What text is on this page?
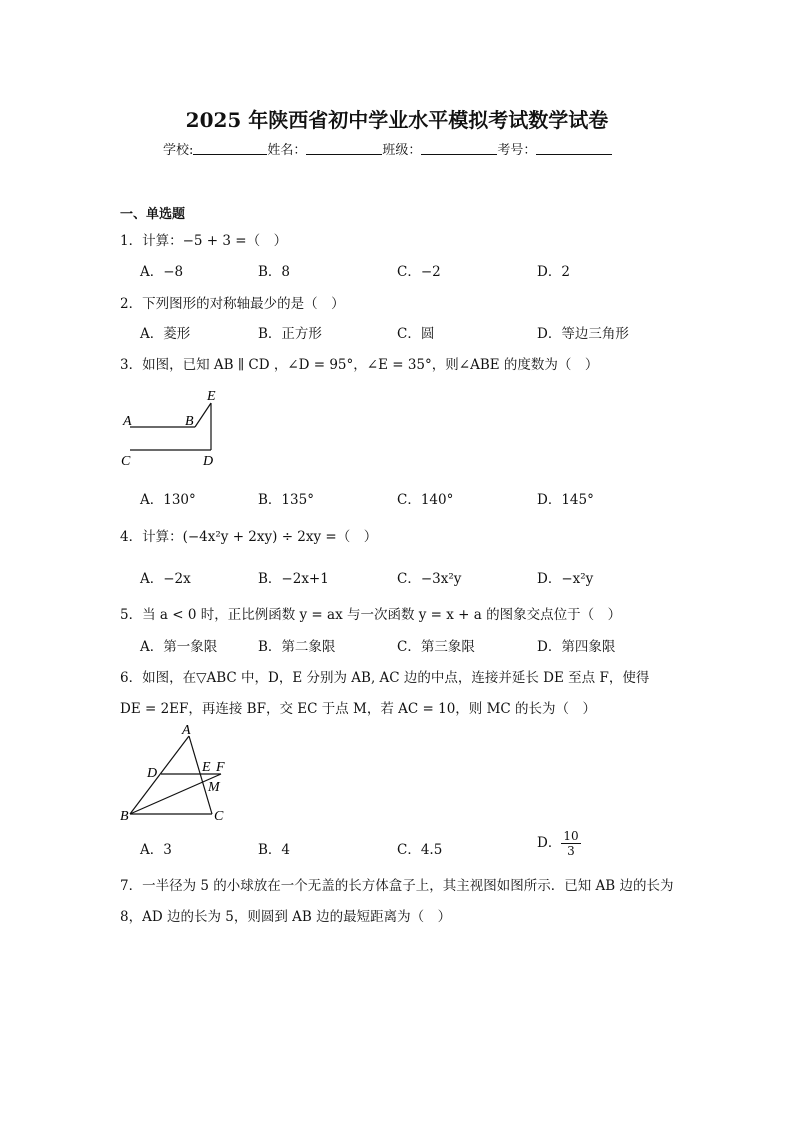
2025 年陕西省初中学业水平模拟考试数学试卷
学校:	姓名：	班级：	考号：
一、单选题
1．计算：−5 + 3 =（　）
A．−8	B．8	C．−2	D．2
2．下列图形的对称轴最少的是（　）
A．菱形	B．正方形	C．圆	D．等边三角形
3．如图，已知 AB ∥ CD ，∠D = 95°，∠E = 35°，则∠ABE 的度数为（　）
A	B
C	D
E
A．130°	B．135°	C．140°	D．145°
4．计算：(−4x²y + 2xy) ÷ 2xy =（　）
A．−2x	B．−2x+1	C．−3x²y	D．−x²y
5．当 a < 0 时，正比例函数 y = ax 与一次函数 y = x + a 的图象交点位于（　）
A．第一象限	B．第二象限	C．第三象限	D．第四象限
6．如图，在▽ABC 中，D，E 分别为 AB, AC 边的中点，连接并延长 DE 至点 F，使得
DE = 2EF，再连接 BF，交 EC 于点 M，若 AC = 10，则 MC 的长为（　）
A
D	E F
M
B	C
A．3	B．4	C．4.5	D． $\frac{10}{3}$
7．一半径为 5 的小球放在一个无盖的长方体盒子上，其主视图如图所示．已知 AB 边的长为
8，AD 边的长为 5，则圆到 AB 边的最短距离为（　）
